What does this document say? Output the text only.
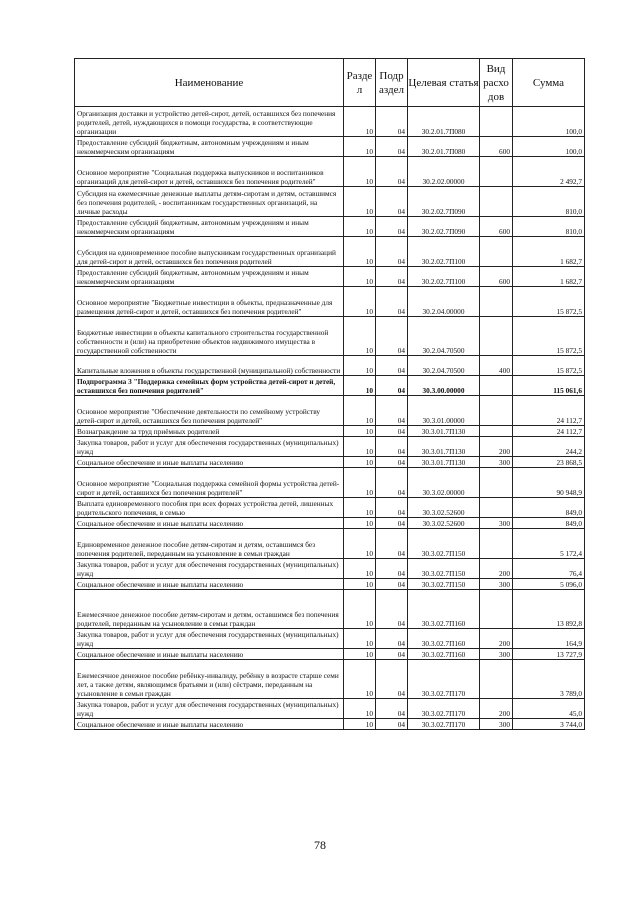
Наименование	Разде л	Подр аздел	Целевая статья	Вид расхо дов	Сумма
Организация доставки и устройство детей-сирот, детей, оставшихся без попечения родителей, детей, нуждающихся в помощи государства, в соответствующие организации	10	04	30.2.01.7П080		100,0
Предоставление субсидий бюджетным, автономным учреждениям и иным некоммерческим организациям	10	04	30.2.01.7П080	600	100,0
Основное мероприятие "Социальная поддержка выпускников и воспитанников организаций для детей-сирот и детей, оставшихся без попечения родителей"	10	04	30.2.02.00000		2 492,7
Субсидия на ежемесячные денежные выплаты детям-сиротам и детям, оставшимся без попечения родителей, - воспитанникам государственных организаций, на личные расходы	10	04	30.2.02.7П090		810,0
Предоставление субсидий бюджетным, автономным учреждениям и иным некоммерческим организациям	10	04	30.2.02.7П090	600	810,0
Субсидия на единовременное пособие выпускникам государственных организаций для детей-сирот и детей, оставшихся без попечения родителей	10	04	30.2.02.7П100		1 682,7
Предоставление субсидий бюджетным, автономным учреждениям и иным некоммерческим организациям	10	04	30.2.02.7П100	600	1 682,7
Основное мероприятие "Бюджетные инвестиции в объекты, предназначенные для размещения детей-сирот и детей, оставшихся без попечения родителей"	10	04	30.2.04.00000		15 872,5
Бюджетные инвестиции в объекты капитального строительства государственной собственности и (или) на приобретение объектов недвижимого имущества в государственной собственности	10	04	30.2.04.70500		15 872,5
Капитальные вложения в объекты государственной (муниципальной) собственности	10	04	30.2.04.70500	400	15 872,5
Подпрограмма 3 "Поддержка семейных форм устройства детей-сирот и детей, оставшихся без попечения родителей"	10	04	30.3.00.00000		115 061,6
Основное мероприятие "Обеспечение деятельности по семейному устройству детей-сирот и детей, оставшихся без попечения родителей"	10	04	30.3.01.00000		24 112,7
Вознаграждение за труд приёмных родителей	10	04	30.3.01.7П130		24 112,7
Закупка товаров, работ и услуг для обеспечения государственных (муниципальных) нужд	10	04	30.3.01.7П130	200	244,2
Социальное обеспечение и иные выплаты населению	10	04	30.3.01.7П130	300	23 868,5
Основное мероприятие "Социальная поддержка семейной формы устройства детей-сирот и детей, оставшихся без попечения родителей"	10	04	30.3.02.00000		90 948,9
Выплата единовременного пособия при всех формах устройства детей, лишенных родительского попечения, в семью	10	04	30.3.02.52600		849,0
Социальное обеспечение и иные выплаты населению	10	04	30.3.02.52600	300	849,0
Единовременное денежное пособие детям-сиротам и детям, оставшимся без попечения родителей, переданным на усыновление в семьи граждан	10	04	30.3.02.7П150		5 172,4
Закупка товаров, работ и услуг для обеспечения государственных (муниципальных) нужд	10	04	30.3.02.7П150	200	76,4
Социальное обеспечение и иные выплаты населению	10	04	30.3.02.7П150	300	5 096,0
Ежемесячное денежное пособие детям-сиротам и детям, оставшимся без попечения родителей, переданным на усыновление в семьи граждан	10	04	30.3.02.7П160		13 892,8
Закупка товаров, работ и услуг для обеспечения государственных (муниципальных) нужд	10	04	30.3.02.7П160	200	164,9
Социальное обеспечение и иные выплаты населению	10	04	30.3.02.7П160	300	13 727,9
Ежемесячное денежное пособие ребёнку-инвалиду, ребёнку в возрасте старше семи лет, а также детям, являющимся братьями и (или) сёстрами, переданным на усыновление в семьи граждан	10	04	30.3.02.7П170		3 789,0
Закупка товаров, работ и услуг для обеспечения государственных (муниципальных) нужд	10	04	30.3.02.7П170	200	45,0
Социальное обеспечение и иные выплаты населению	10	04	30.3.02.7П170	300	3 744,0
78
